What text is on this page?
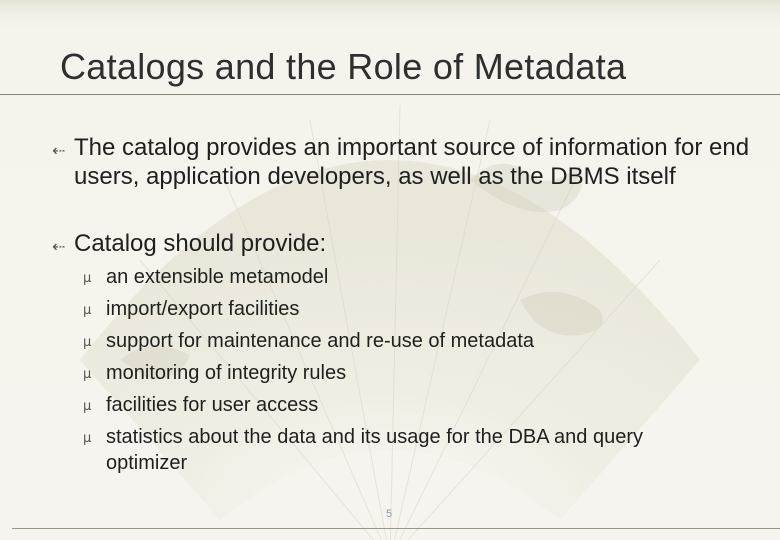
Catalogs and the Role of Metadata
⇠ The catalog provides an important source of information for end users, application developers, as well as the DBMS itself
⇠ Catalog should provide:
µ an extensible metamodel
µ import/export facilities
µ support for maintenance and re-use of metadata
µ monitoring of integrity rules
µ facilities for user access
µ statistics about the data and its usage for the DBA and query optimizer
5
